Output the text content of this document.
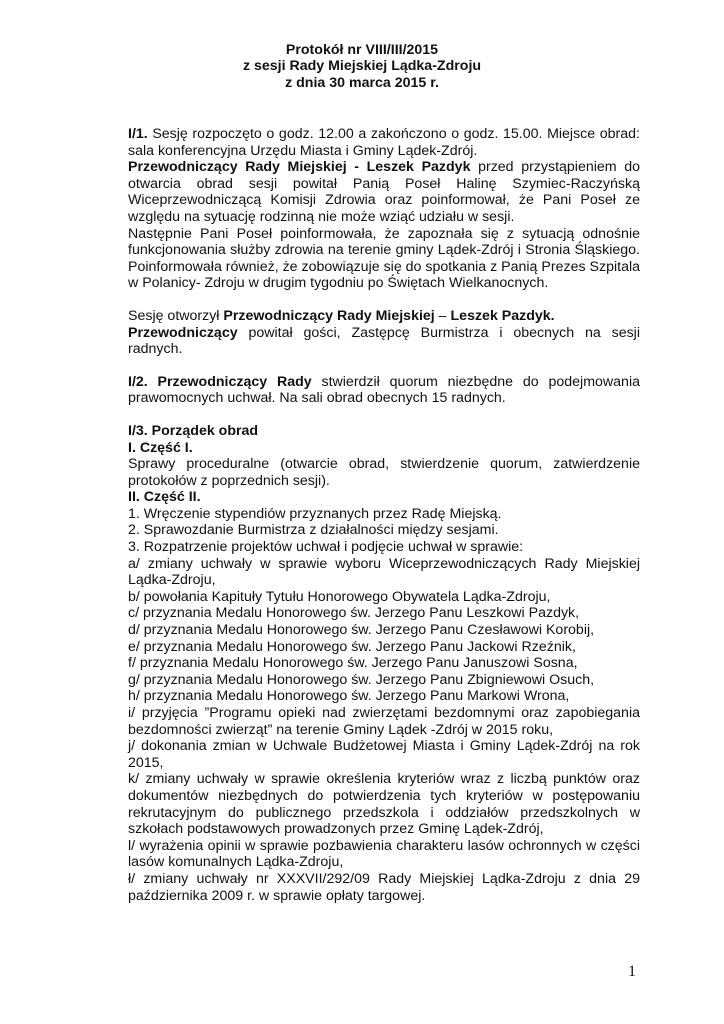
Protokół nr VIII/III/2015
z sesji Rady Miejskiej Lądka-Zdroju
z dnia 30 marca 2015 r.

I/1. Sesję rozpoczęto o godz. 12.00 a zakończono o godz. 15.00. Miejsce obrad: sala konferencyjna Urzędu Miasta i Gminy Lądek-Zdrój.
Przewodniczący Rady Miejskiej - Leszek Pazdyk przed przystąpieniem do otwarcia obrad sesji powitał Panią Poseł Halinę Szymiec-Raczyńską Wiceprzewodniczącą Komisji Zdrowia oraz poinformował, że Pani Poseł ze względu na sytuację rodzinną nie może wziąć udziału w sesji.
Następnie Pani Poseł poinformowała, że zapoznała się z sytuacją odnośnie funkcjonowania służby zdrowia na terenie gminy Lądek-Zdrój i Stronia Śląskiego. Poinformowała również, że zobowiązuje się do spotkania z Panią Prezes Szpitala w Polanicy- Zdroju w drugim tygodniu po Świętach Wielkanocnych.

Sesję otworzył Przewodniczący Rady Miejskiej – Leszek Pazdyk.
Przewodniczący powitał gości, Zastępcę Burmistrza i obecnych na sesji radnych.

I/2. Przewodniczący Rady stwierdził quorum niezbędne do podejmowania prawomocnych uchwał. Na sali obrad obecnych 15 radnych.

I/3. Porządek obrad

I. Część I.

Sprawy proceduralne (otwarcie obrad, stwierdzenie quorum, zatwierdzenie protokołów z poprzednich sesji).

II. Część II.

1. Wręczenie stypendiów przyznanych przez Radę Miejską.

2. Sprawozdanie Burmistrza z działalności między sesjami.

3. Rozpatrzenie projektów uchwał i podjęcie uchwał w sprawie:

a/ zmiany uchwały w sprawie wyboru Wiceprzewodniczących Rady Miejskiej Lądka-Zdroju,

b/ powołania Kapituły Tytułu Honorowego Obywatela Lądka-Zdroju,

c/ przyznania Medalu Honorowego św. Jerzego Panu Leszkowi Pazdyk,

d/ przyznania Medalu Honorowego św. Jerzego Panu Czesławowi Korobij,

e/ przyznania Medalu Honorowego św. Jerzego Panu Jackowi Rzeźnik,

f/ przyznania Medalu Honorowego św. Jerzego Panu Januszowi Sosna,

g/ przyznania Medalu Honorowego św. Jerzego Panu Zbigniewowi Osuch,

h/ przyznania Medalu Honorowego św. Jerzego Panu Markowi Wrona,

i/ przyjęcia ”Programu opieki nad zwierzętami bezdomnymi oraz zapobiegania bezdomności zwierząt” na terenie Gminy Lądek -Zdrój w 2015 roku,

j/ dokonania zmian w Uchwale Budżetowej Miasta i Gminy Lądek-Zdrój na rok 2015,

k/ zmiany uchwały w sprawie określenia kryteriów wraz z liczbą punktów oraz dokumentów niezbędnych do potwierdzenia tych kryteriów w postępowaniu rekrutacyjnym do publicznego przedszkola i oddziałów przedszkolnych w szkołach podstawowych prowadzonych przez Gminę Lądek-Zdrój,

l/ wyrażenia opinii w sprawie pozbawienia charakteru lasów ochronnych w części lasów komunalnych Lądka-Zdroju,

ł/ zmiany uchwały nr XXXVII/292/09 Rady Miejskiej Lądka-Zdroju z dnia 29 października 2009 r. w sprawie opłaty targowej.

1
